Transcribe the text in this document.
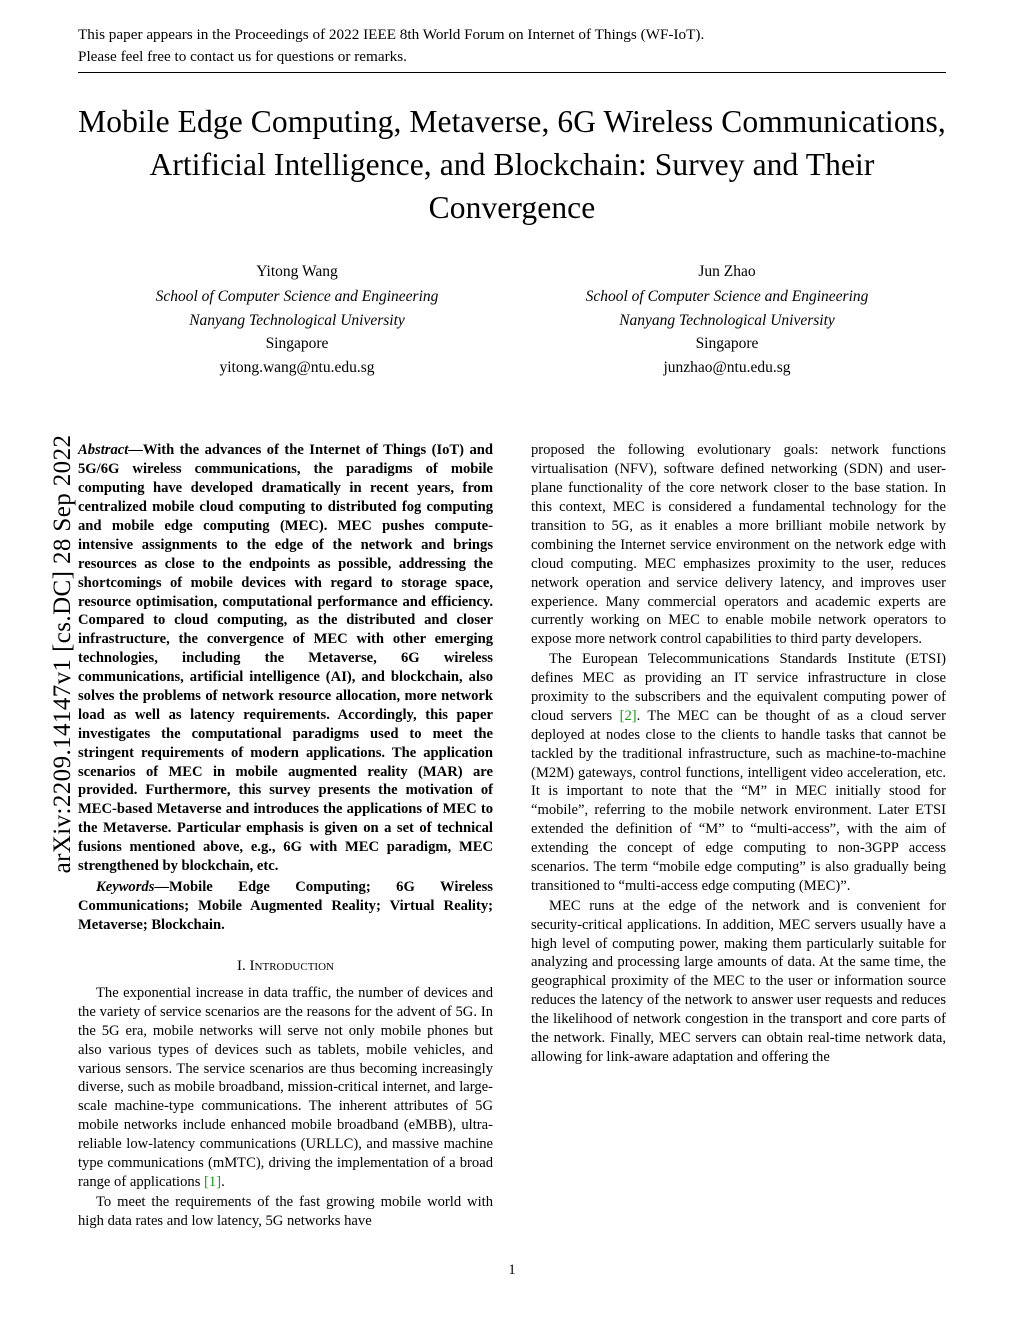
arXiv:2209.14147v1 [cs.DC] 28 Sep 2022
This paper appears in the Proceedings of 2022 IEEE 8th World Forum on Internet of Things (WF-IoT).
Please feel free to contact us for questions or remarks.
Mobile Edge Computing, Metaverse, 6G Wireless Communications, Artificial Intelligence, and Blockchain: Survey and Their Convergence
Yitong Wang
School of Computer Science and Engineering
Nanyang Technological University
Singapore
yitong.wang@ntu.edu.sg
Jun Zhao
School of Computer Science and Engineering
Nanyang Technological University
Singapore
junzhao@ntu.edu.sg
Abstract—With the advances of the Internet of Things (IoT) and 5G/6G wireless communications, the paradigms of mobile computing have developed dramatically in recent years, from centralized mobile cloud computing to distributed fog computing and mobile edge computing (MEC). MEC pushes compute-intensive assignments to the edge of the network and brings resources as close to the endpoints as possible, addressing the shortcomings of mobile devices with regard to storage space, resource optimisation, computational performance and efficiency. Compared to cloud computing, as the distributed and closer infrastructure, the convergence of MEC with other emerging technologies, including the Metaverse, 6G wireless communications, artificial intelligence (AI), and blockchain, also solves the problems of network resource allocation, more network load as well as latency requirements. Accordingly, this paper investigates the computational paradigms used to meet the stringent requirements of modern applications. The application scenarios of MEC in mobile augmented reality (MAR) are provided. Furthermore, this survey presents the motivation of MEC-based Metaverse and introduces the applications of MEC to the Metaverse. Particular emphasis is given on a set of technical fusions mentioned above, e.g., 6G with MEC paradigm, MEC strengthened by blockchain, etc.
Keywords—Mobile Edge Computing; 6G Wireless Communications; Mobile Augmented Reality; Virtual Reality; Metaverse; Blockchain.
I. Introduction

The exponential increase in data traffic, the number of devices and the variety of service scenarios are the reasons for the advent of 5G. In the 5G era, mobile networks will serve not only mobile phones but also various types of devices such as tablets, mobile vehicles, and various sensors. The service scenarios are thus becoming increasingly diverse, such as mobile broadband, mission-critical internet, and large-scale machine-type communications. The inherent attributes of 5G mobile networks include enhanced mobile broadband (eMBB), ultra-reliable low-latency communications (URLLC), and massive machine type communications (mMTC), driving the implementation of a broad range of applications [1].

To meet the requirements of the fast growing mobile world with high data rates and low latency, 5G networks have

proposed the following evolutionary goals: network functions virtualisation (NFV), software defined networking (SDN) and user-plane functionality of the core network closer to the base station. In this context, MEC is considered a fundamental technology for the transition to 5G, as it enables a more brilliant mobile network by combining the Internet service environment on the network edge with cloud computing. MEC emphasizes proximity to the user, reduces network operation and service delivery latency, and improves user experience. Many commercial operators and academic experts are currently working on MEC to enable mobile network operators to expose more network control capabilities to third party developers.

The European Telecommunications Standards Institute (ETSI) defines MEC as providing an IT service infrastructure in close proximity to the subscribers and the equivalent computing power of cloud servers [2]. The MEC can be thought of as a cloud server deployed at nodes close to the clients to handle tasks that cannot be tackled by the traditional infrastructure, such as machine-to-machine (M2M) gateways, control functions, intelligent video acceleration, etc. It is important to note that the “M” in MEC initially stood for “mobile”, referring to the mobile network environment. Later ETSI extended the definition of “M” to “multi-access”, with the aim of extending the concept of edge computing to non-3GPP access scenarios. The term “mobile edge computing” is also gradually being transitioned to “multi-access edge computing (MEC)”.

MEC runs at the edge of the network and is convenient for security-critical applications. In addition, MEC servers usually have a high level of computing power, making them particularly suitable for analyzing and processing large amounts of data. At the same time, the geographical proximity of the MEC to the user or information source reduces the latency of the network to answer user requests and reduces the likelihood of network congestion in the transport and core parts of the network. Finally, MEC servers can obtain real-time network data, allowing for link-aware adaptation and offering the

1
